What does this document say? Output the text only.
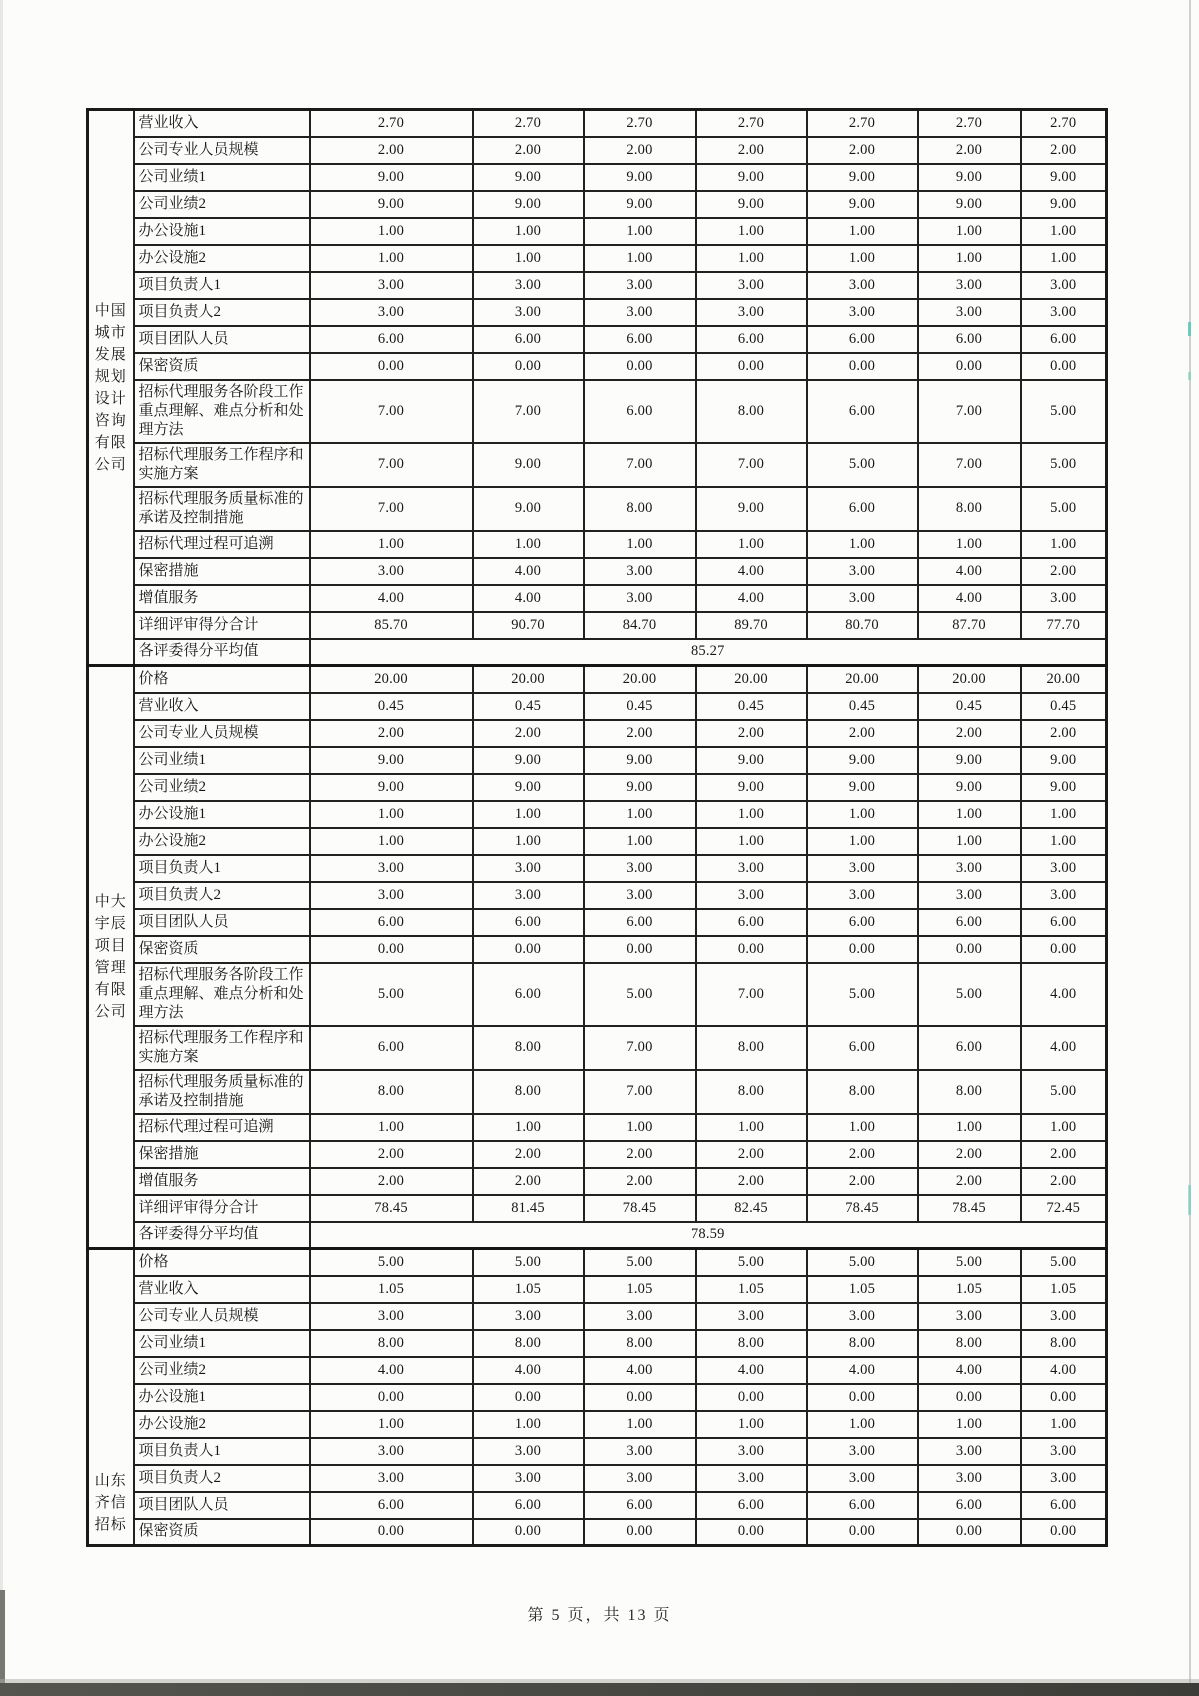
中国城市发展规划设计咨询有限公司	营业收入	2.70	2.70	2.70	2.70	2.70	2.70	2.70
	公司专业人员规模	2.00	2.00	2.00	2.00	2.00	2.00	2.00
	公司业绩1	9.00	9.00	9.00	9.00	9.00	9.00	9.00
	公司业绩2	9.00	9.00	9.00	9.00	9.00	9.00	9.00
	办公设施1	1.00	1.00	1.00	1.00	1.00	1.00	1.00
	办公设施2	1.00	1.00	1.00	1.00	1.00	1.00	1.00
	项目负责人1	3.00	3.00	3.00	3.00	3.00	3.00	3.00
	项目负责人2	3.00	3.00	3.00	3.00	3.00	3.00	3.00
	项目团队人员	6.00	6.00	6.00	6.00	6.00	6.00	6.00
	保密资质	0.00	0.00	0.00	0.00	0.00	0.00	0.00
	招标代理服务各阶段工作重点理解、难点分析和处理方法	7.00	7.00	6.00	8.00	6.00	7.00	5.00
	招标代理服务工作程序和实施方案	7.00	9.00	7.00	7.00	5.00	7.00	5.00
	招标代理服务质量标准的承诺及控制措施	7.00	9.00	8.00	9.00	6.00	8.00	5.00
	招标代理过程可追溯	1.00	1.00	1.00	1.00	1.00	1.00	1.00
	保密措施	3.00	4.00	3.00	4.00	3.00	4.00	2.00
	增值服务	4.00	4.00	3.00	4.00	3.00	4.00	3.00
	详细评审得分合计	85.70	90.70	84.70	89.70	80.70	87.70	77.70
	各评委得分平均值	85.27						
中大宇辰项目管理有限公司	价格	20.00	20.00	20.00	20.00	20.00	20.00	20.00
	营业收入	0.45	0.45	0.45	0.45	0.45	0.45	0.45
	公司专业人员规模	2.00	2.00	2.00	2.00	2.00	2.00	2.00
	公司业绩1	9.00	9.00	9.00	9.00	9.00	9.00	9.00
	公司业绩2	9.00	9.00	9.00	9.00	9.00	9.00	9.00
	办公设施1	1.00	1.00	1.00	1.00	1.00	1.00	1.00
	办公设施2	1.00	1.00	1.00	1.00	1.00	1.00	1.00
	项目负责人1	3.00	3.00	3.00	3.00	3.00	3.00	3.00
	项目负责人2	3.00	3.00	3.00	3.00	3.00	3.00	3.00
	项目团队人员	6.00	6.00	6.00	6.00	6.00	6.00	6.00
	保密资质	0.00	0.00	0.00	0.00	0.00	0.00	0.00
	招标代理服务各阶段工作重点理解、难点分析和处理方法	5.00	6.00	5.00	7.00	5.00	5.00	4.00
	招标代理服务工作程序和实施方案	6.00	8.00	7.00	8.00	6.00	6.00	4.00
	招标代理服务质量标准的承诺及控制措施	8.00	8.00	7.00	8.00	8.00	8.00	5.00
	招标代理过程可追溯	1.00	1.00	1.00	1.00	1.00	1.00	1.00
	保密措施	2.00	2.00	2.00	2.00	2.00	2.00	2.00
	增值服务	2.00	2.00	2.00	2.00	2.00	2.00	2.00
	详细评审得分合计	78.45	81.45	78.45	82.45	78.45	78.45	72.45
	各评委得分平均值	78.59						
山东齐信招标	价格	5.00	5.00	5.00	5.00	5.00	5.00	5.00
	营业收入	1.05	1.05	1.05	1.05	1.05	1.05	1.05
	公司专业人员规模	3.00	3.00	3.00	3.00	3.00	3.00	3.00
	公司业绩1	8.00	8.00	8.00	8.00	8.00	8.00	8.00
	公司业绩2	4.00	4.00	4.00	4.00	4.00	4.00	4.00
	办公设施1	0.00	0.00	0.00	0.00	0.00	0.00	0.00
	办公设施2	1.00	1.00	1.00	1.00	1.00	1.00	1.00
	项目负责人1	3.00	3.00	3.00	3.00	3.00	3.00	3.00
	项目负责人2	3.00	3.00	3.00	3.00	3.00	3.00	3.00
	项目团队人员	6.00	6.00	6.00	6.00	6.00	6.00	6.00
	保密资质	0.00	0.00	0.00	0.00	0.00	0.00	0.00
第 5 页，共 13 页
